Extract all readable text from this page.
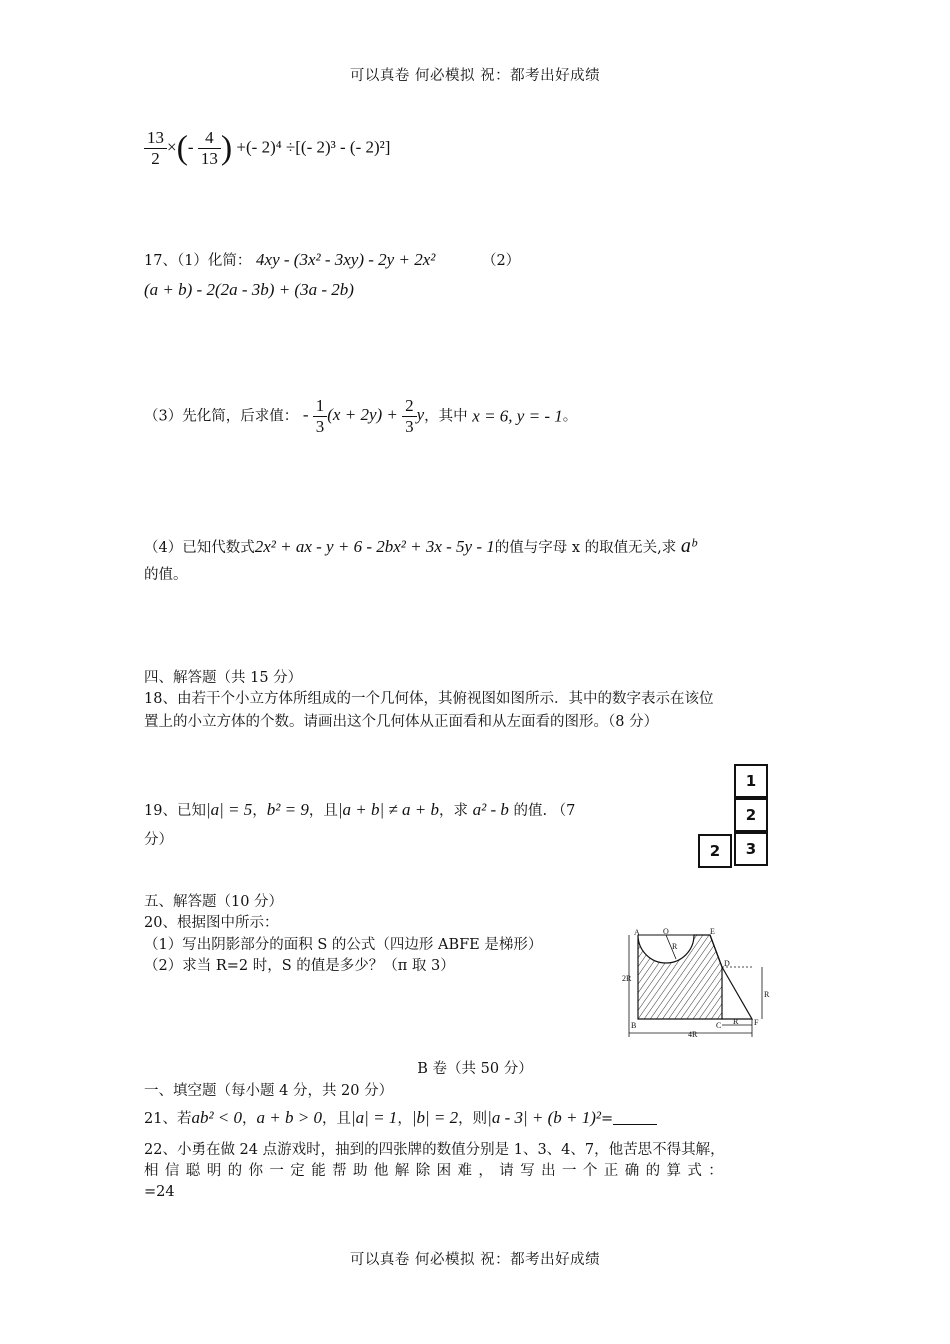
可以真卷 何必模拟 祝：都考出好成绩
$\frac{13}{2}$ ×(- $\frac{4}{13}$ ) +(- 2)⁴ ÷[(- 2)³ - (- 2)²]
17、（1）化简： 4xy - (3x² - 3xy) - 2y + 2x²	（2）
(a + b) - 2(2a - 3b) + (3a - 2b)
（3）先化简，后求值： - $\frac{1}{3} (x + 2y) + \frac{2}{3}$ y，其中 x = 6, y = - 1。
（4）已知代数式2x² + ax - y + 6 - 2bx² + 3x - 5y - 1的值与字母 x 的取值无关,求 aᵇ
的值。
四、解答题（共 15 分）
18、由若干个小立方体所组成的一个几何体，其俯视图如图所示．其中的数字表示在该位
置上的小立方体的个数。请画出这个几何体从正面看和从左面看的图形。（8 分）
19、已知|a| = 5，b² = 9，且|a + b| ≠ a + b，求 a² - b 的值. （7
分）
1
2
2	3
五、解答题（10 分）
20、根据图中所示：
（1）写出阴影部分的面积 S 的公式（四边形 ABFE 是梯形）
（2）求当 R=2 时，S 的值是多少？（π 取 3）
A	O	E
R
D
2R
R
B	C	F
R
4R
B 卷（共 50 分）
一、填空题（每小题 4 分，共 20 分）
21、若ab² < 0，a + b > 0，且|a| = 1，|b| = 2，则|a - 3| + (b + 1)²=
22、小勇在做 24 点游戏时，抽到的四张牌的数值分别是 1、3、4、7，他苦思不得其解，
相信聪明的你一定能帮助他解除困难，请写出一个正确的算式：
=24
可以真卷 何必模拟 祝：都考出好成绩
